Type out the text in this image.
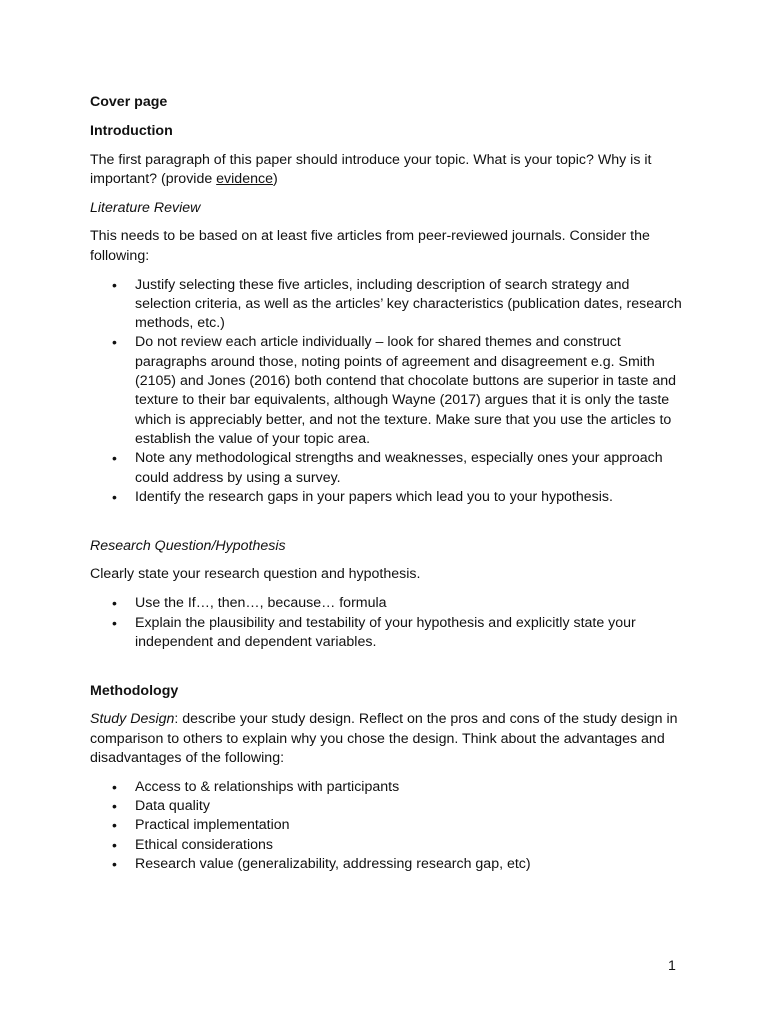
Cover page

Introduction

The first paragraph of this paper should introduce your topic. What is your topic? Why is it important? (provide evidence)

Literature Review

This needs to be based on at least five articles from peer-reviewed journals. Consider the following:

• Justify selecting these five articles, including description of search strategy and selection criteria, as well as the articles’ key characteristics (publication dates, research methods, etc.)
• Do not review each article individually – look for shared themes and construct paragraphs around those, noting points of agreement and disagreement e.g. Smith (2105) and Jones (2016) both contend that chocolate buttons are superior in taste and texture to their bar equivalents, although Wayne (2017) argues that it is only the taste which is appreciably better, and not the texture. Make sure that you use the articles to establish the value of your topic area.
• Note any methodological strengths and weaknesses, especially ones your approach could address by using a survey.
• Identify the research gaps in your papers which lead you to your hypothesis.

Research Question/Hypothesis

Clearly state your research question and hypothesis.

• Use the If…, then…, because… formula
• Explain the plausibility and testability of your hypothesis and explicitly state your independent and dependent variables.

Methodology

Study Design: describe your study design. Reflect on the pros and cons of the study design in comparison to others to explain why you chose the design. Think about the advantages and disadvantages of the following:

• Access to & relationships with participants
• Data quality
• Practical implementation
• Ethical considerations
• Research value (generalizability, addressing research gap, etc)
1
